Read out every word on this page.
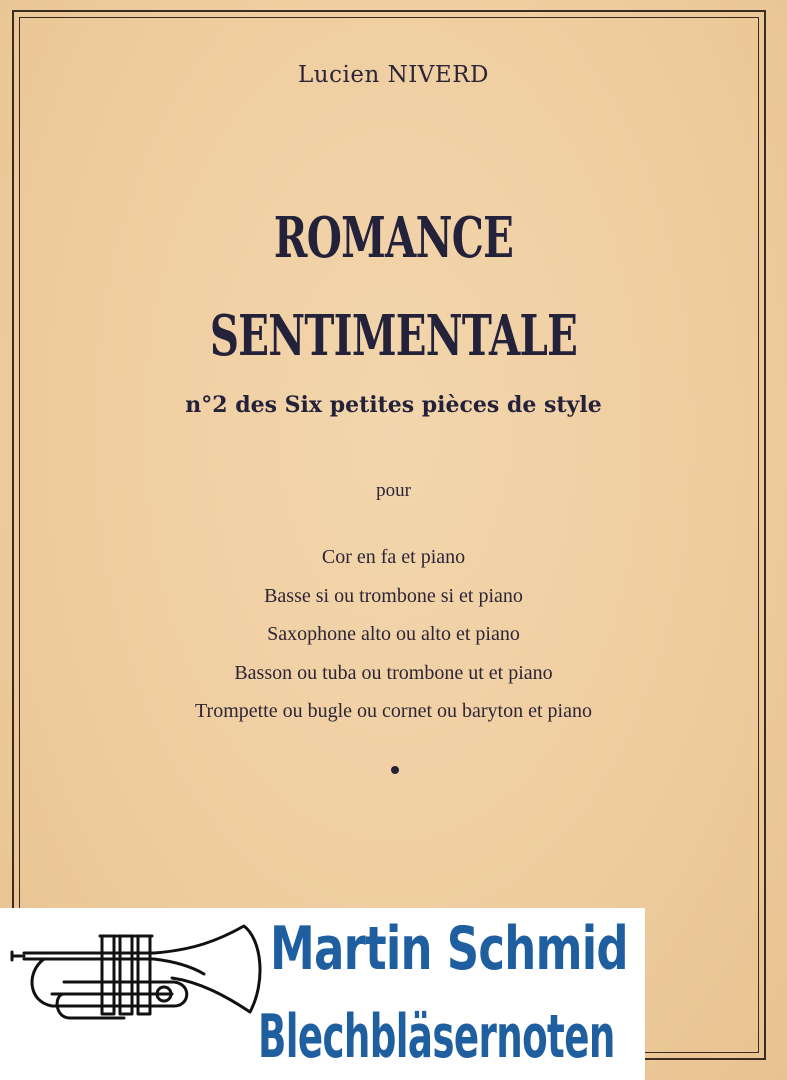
Lucien NIVERD
ROMANCE
SENTIMENTALE
n°2 des Six petites pièces de style
pour
Cor en fa et piano
Basse si ou trombone si et piano
Saxophone alto ou alto et piano
Basson ou tuba ou trombone ut et piano
Trompette ou bugle ou cornet ou baryton et piano
Martin Schmid
Blechbläsernoten
